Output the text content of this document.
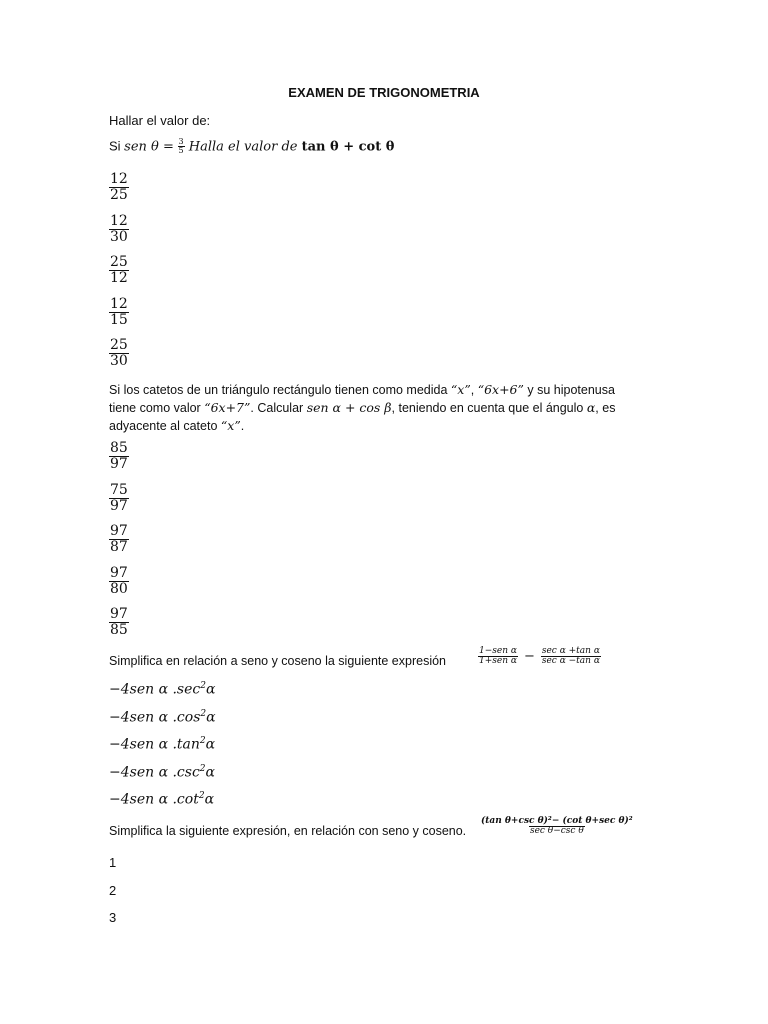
EXAMEN DE TRIGONOMETRIA
Hallar el valor de:
Si sen $\theta = \frac{3}{5}$ Halla el valor de tan θ + cot θ
$\frac{12}{25}$
$\frac{12}{30}$
$\frac{25}{12}$
$\frac{12}{15}$
$\frac{25}{30}$
Si los catetos de un triángulo rectángulo tienen como medida “x”, “6x+6” y su hipotenusa
tiene como valor “6x+7”. Calcular sen α + cos β, teniendo en cuenta que el ángulo α, es
adyacente al cateto “x”.
$\frac{85}{97}$
$\frac{75}{97}$
$\frac{97}{87}$
$\frac{97}{80}$
$\frac{97}{85}$
Simplifica en relación a seno y coseno la siguiente expresión	$\frac{\text{1−sen α}}{\text{1+sen α}} - \frac{\text{sec α +tan α}}{\text{sec α −tan α}}$
−4sen α $.\sec^2\alpha$
−4sen α $.\cos^2\alpha$
−4sen α $.\tan^2\alpha$
−4sen α $.\csc^2\alpha$
−4sen α $.\cot^2\alpha$
Simplifica la siguiente expresión, en relación con seno y coseno. $\frac{\text{(tan θ+csc θ)²− (cot θ+sec θ)²}}{\text{sec θ−csc θ}}$
1
2
3
